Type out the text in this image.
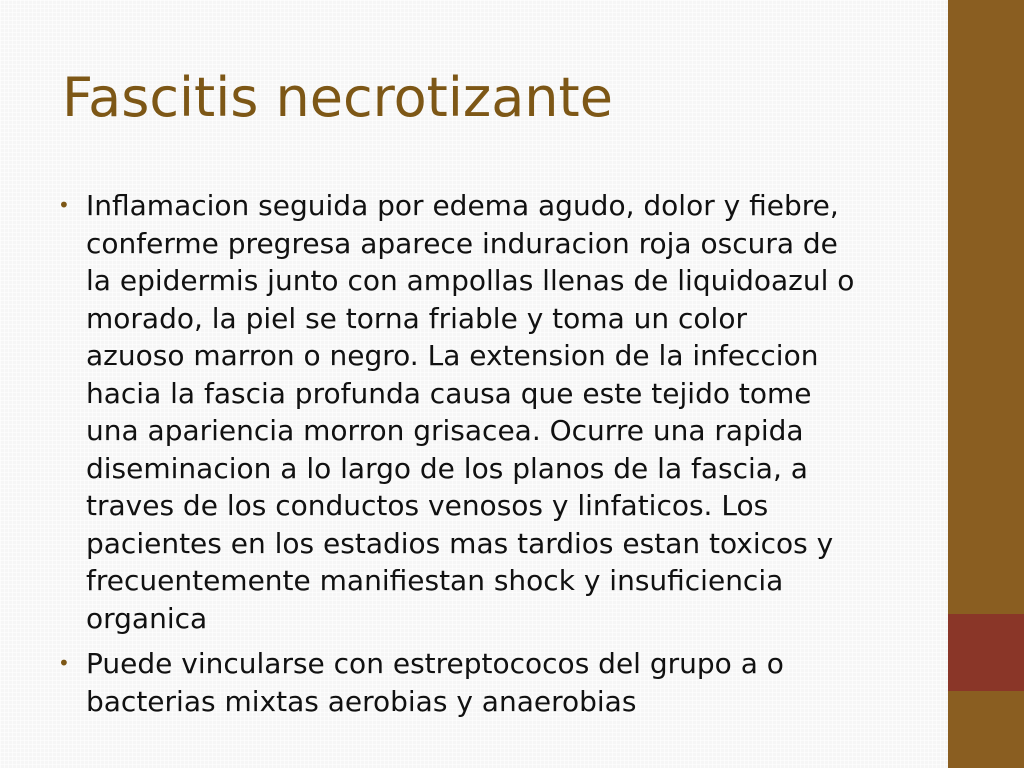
Fascitis necrotizante
• Inflamacion seguida por edema agudo, dolor y fiebre,
conferme pregresa aparece induracion roja oscura de
la epidermis junto con ampollas llenas de liquidoazul o
morado, la piel se torna friable y toma un color
azuoso marron o negro. La extension de la infeccion
hacia la fascia profunda causa que este tejido tome
una apariencia morron grisacea. Ocurre una rapida
diseminacion a lo largo de los planos de la fascia, a
traves de los conductos venosos y linfaticos. Los
pacientes en los estadios mas tardios estan toxicos y
frecuentemente manifiestan shock y insuficiencia
organica
• Puede vincularse con estreptococos del grupo a o
bacterias mixtas aerobias y anaerobias
